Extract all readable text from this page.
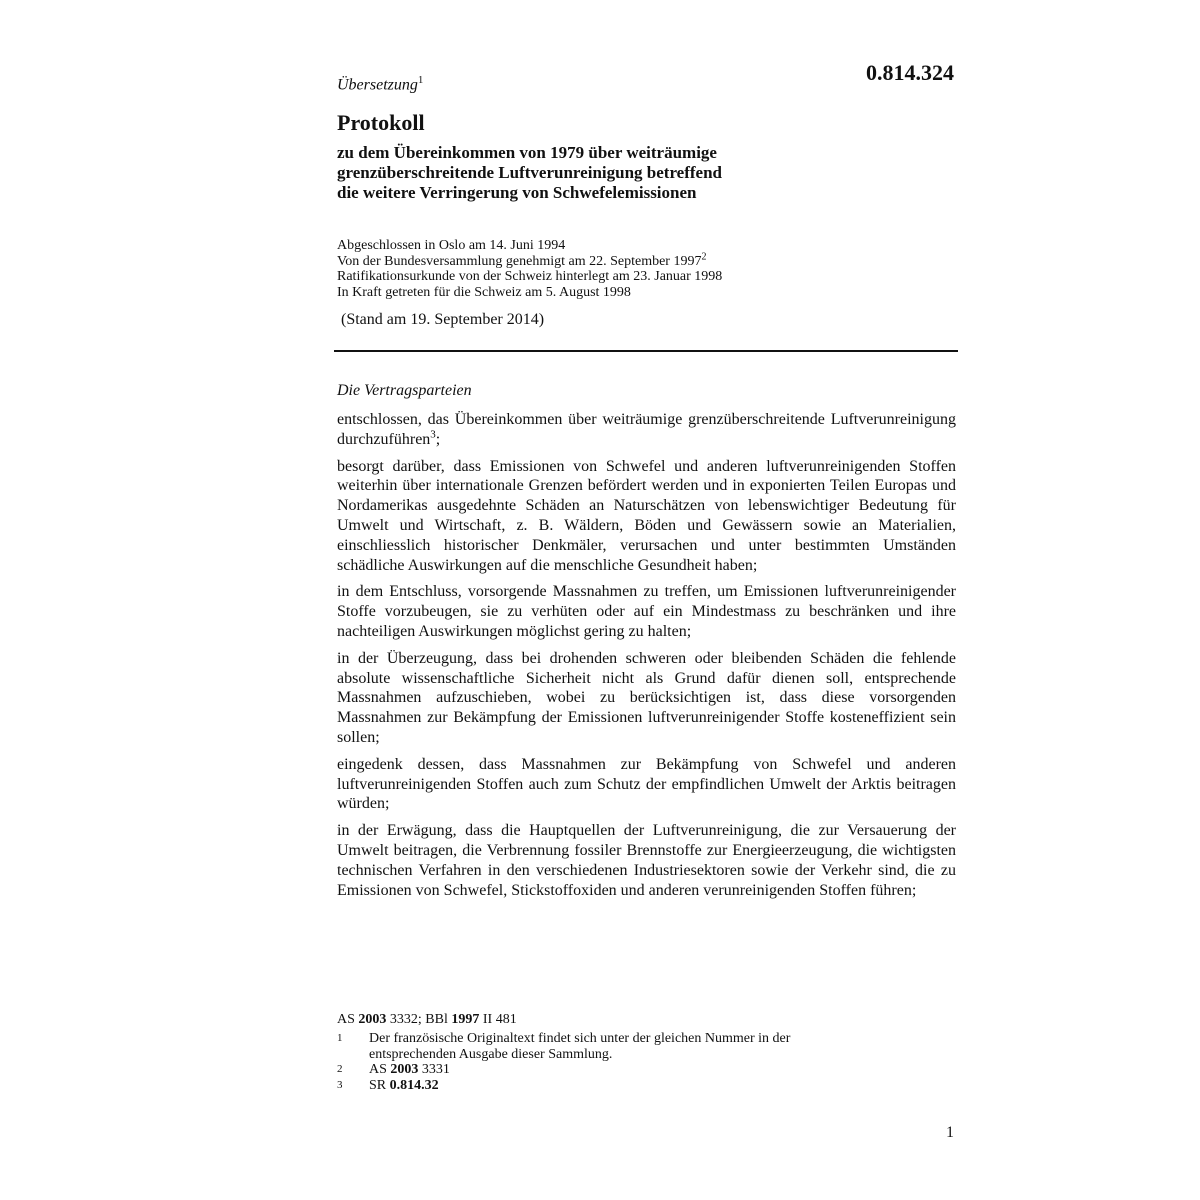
0.814.324
Übersetzung$^1$
Protokoll
zu dem Übereinkommen von 1979 über weiträumige
grenzüberschreitende Luftverunreinigung betreffend
die weitere Verringerung von Schwefelemissionen
Abgeschlossen in Oslo am 14. Juni 1994
Von der Bundesversammlung genehmigt am 22. September 1997$^2$
Ratifikationsurkunde von der Schweiz hinterlegt am 23. Januar 1998
In Kraft getreten für die Schweiz am 5. August 1998
(Stand am 19. September 2014)
Die Vertragsparteien

entschlossen, das Übereinkommen über weiträumige grenzüberschreitende Luftverunreinigung durchzuführen$^3$;

besorgt darüber, dass Emissionen von Schwefel und anderen luftverunreinigenden Stoffen weiterhin über internationale Grenzen befördert werden und in exponierten Teilen Europas und Nordamerikas ausgedehnte Schäden an Naturschätzen von lebenswichtiger Bedeutung für Umwelt und Wirtschaft, z. B. Wäldern, Böden und Gewässern sowie an Materialien, einschliesslich historischer Denkmäler, verursachen und unter bestimmten Umständen schädliche Auswirkungen auf die menschliche Gesundheit haben;

in dem Entschluss, vorsorgende Massnahmen zu treffen, um Emissionen luftverunreinigender Stoffe vorzubeugen, sie zu verhüten oder auf ein Mindestmass zu beschränken und ihre nachteiligen Auswirkungen möglichst gering zu halten;

in der Überzeugung, dass bei drohenden schweren oder bleibenden Schäden die fehlende absolute wissenschaftliche Sicherheit nicht als Grund dafür dienen soll, entsprechende Massnahmen aufzuschieben, wobei zu berücksichtigen ist, dass diese vorsorgenden Massnahmen zur Bekämpfung der Emissionen luftverunreinigender Stoffe kosteneffizient sein sollen;

eingedenk dessen, dass Massnahmen zur Bekämpfung von Schwefel und anderen luftverunreinigenden Stoffen auch zum Schutz der empfindlichen Umwelt der Arktis beitragen würden;

in der Erwägung, dass die Hauptquellen der Luftverunreinigung, die zur Versauerung der Umwelt beitragen, die Verbrennung fossiler Brennstoffe zur Energieerzeugung, die wichtigsten technischen Verfahren in den verschiedenen Industriesektoren sowie der Verkehr sind, die zu Emissionen von Schwefel, Stickstoffoxiden und anderen verunreinigenden Stoffen führen;

AS 2003 3332; BBl 1997 II 481
1	Der französische Originaltext findet sich unter der gleichen Nummer in der entsprechenden Ausgabe dieser Sammlung.
2	AS 2003 3331
3	SR 0.814.32
1
